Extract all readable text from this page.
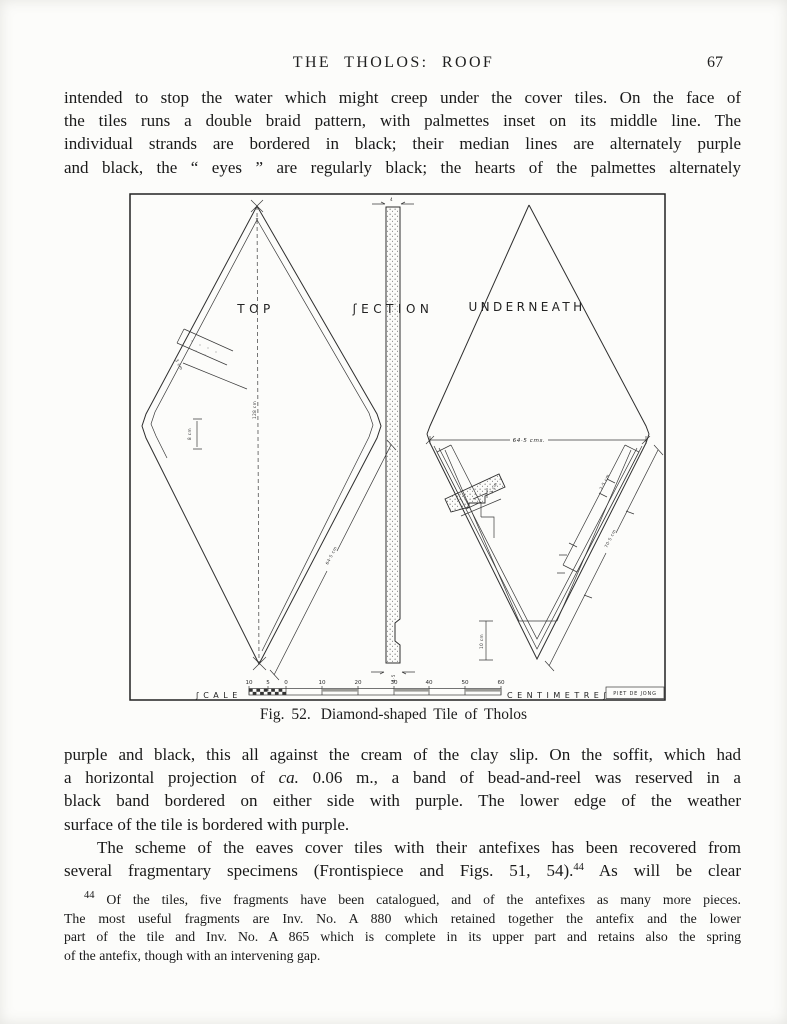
THE THOLOS: ROOF	67
intended to stop the water which might creep under the cover tiles. On the face of
the tiles runs a double braid pattern, with palmettes inset on its middle line. The
individual strands are bordered in black; their median lines are alternately purple
and black, the “ eyes ” are regularly black; the hearts of the palmettes alternately
3 cm
8 cm
128 cm
64·5 cm
TOP
4
4·5
ʃECTION
64·5 cms.
3 cm	2·5 cm
70·5 cm
10 cm
UNDERNEATH
ʃCALE
10 5	0	10	20	30	40	50	60
CENTIMETREʃ PIET DE JONG
Fig. 52. Diamond-shaped Tile of Tholos
purple and black, this all against the cream of the clay slip. On the soffit, which had
a horizontal projection of ca. 0.06 m., a band of bead-and-reel was reserved in a
black band bordered on either side with purple. The lower edge of the weather
surface of the tile is bordered with purple.
The scheme of the eaves cover tiles with their antefixes has been recovered from
several fragmentary specimens (Frontispiece and Figs. 51, 54).$^{44}$ As will be clear
$^{44}$ Of the tiles, five fragments have been catalogued, and of the antefixes as many more pieces.
The most useful fragments are Inv. No. A 880 which retained together the antefix and the lower
part of the tile and Inv. No. A 865 which is complete in its upper part and retains also the spring
of the antefix, though with an intervening gap.
